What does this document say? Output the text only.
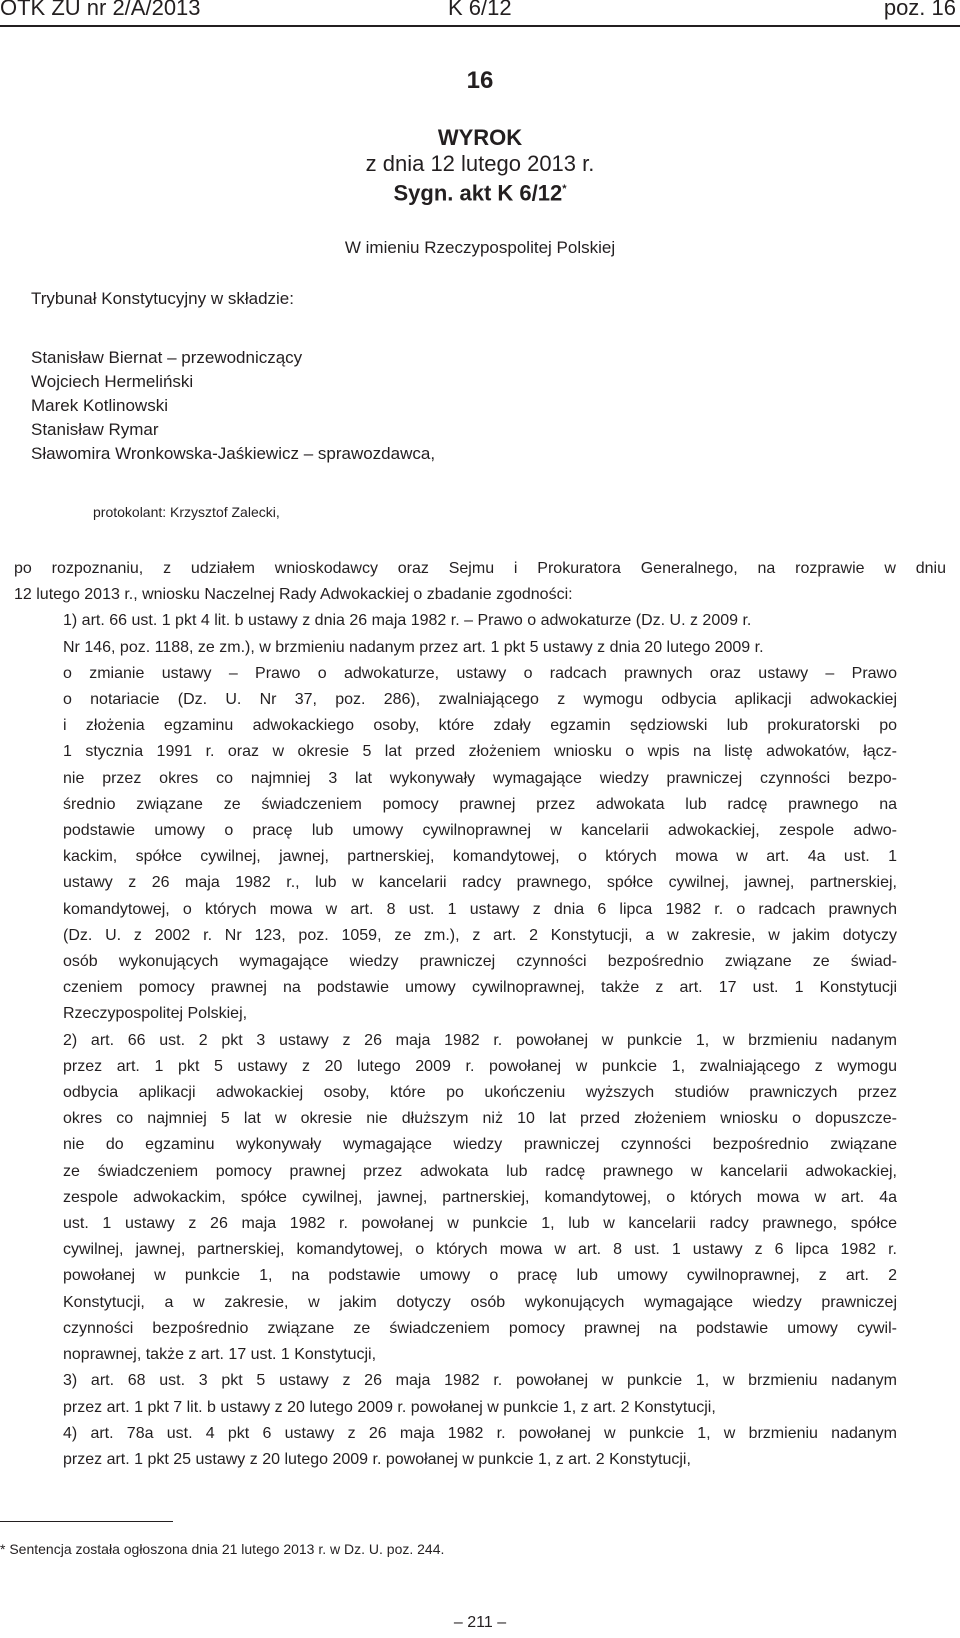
OTK ZU nr 2/A/2013	K 6/12	poz. 16
16
WYROK
z dnia 12 lutego 2013 r.
Sygn. akt K 6/12*
W imieniu Rzeczypospolitej Polskiej
Trybunał Konstytucyjny w składzie:
Stanisław Biernat – przewodniczący
Wojciech Hermeliński
Marek Kotlinowski
Stanisław Rymar
Sławomira Wronkowska-Jaśkiewicz – sprawozdawca,
protokolant: Krzysztof Zalecki,
po rozpoznaniu, z udziałem wnioskodawcy oraz Sejmu i Prokuratora Generalnego, na rozprawie w dniu
12 lutego 2013 r., wniosku Naczelnej Rady Adwokackiej o zbadanie zgodności:
1) art. 66 ust. 1 pkt 4 lit. b ustawy z dnia 26 maja 1982 r. – Prawo o adwokaturze (Dz. U. z 2009 r.
Nr 146, poz. 1188, ze zm.), w brzmieniu nadanym przez art. 1 pkt 5 ustawy z dnia 20 lutego 2009 r.
o zmianie ustawy – Prawo o adwokaturze, ustawy o radcach prawnych oraz ustawy – Prawo
o notariacie (Dz. U. Nr 37, poz. 286), zwalniającego z wymogu odbycia aplikacji adwokackiej
i złożenia egzaminu adwokackiego osoby, które zdały egzamin sędziowski lub prokuratorski po
1 stycznia 1991 r. oraz w okresie 5 lat przed złożeniem wniosku o wpis na listę adwokatów, łącz-
nie przez okres co najmniej 3 lat wykonywały wymagające wiedzy prawniczej czynności bezpo-
średnio związane ze świadczeniem pomocy prawnej przez adwokata lub radcę prawnego na
podstawie umowy o pracę lub umowy cywilnoprawnej w kancelarii adwokackiej, zespole adwo-
kackim, spółce cywilnej, jawnej, partnerskiej, komandytowej, o których mowa w art. 4a ust. 1
ustawy z 26 maja 1982 r., lub w kancelarii radcy prawnego, spółce cywilnej, jawnej, partnerskiej,
komandytowej, o których mowa w art. 8 ust. 1 ustawy z dnia 6 lipca 1982 r. o radcach prawnych
(Dz. U. z 2002 r. Nr 123, poz. 1059, ze zm.), z art. 2 Konstytucji, a w zakresie, w jakim dotyczy
osób wykonujących wymagające wiedzy prawniczej czynności bezpośrednio związane ze świad-
czeniem pomocy prawnej na podstawie umowy cywilnoprawnej, także z art. 17 ust. 1 Konstytucji
Rzeczypospolitej Polskiej,
2) art. 66 ust. 2 pkt 3 ustawy z 26 maja 1982 r. powołanej w punkcie 1, w brzmieniu nadanym
przez art. 1 pkt 5 ustawy z 20 lutego 2009 r. powołanej w punkcie 1, zwalniającego z wymogu
odbycia aplikacji adwokackiej osoby, które po ukończeniu wyższych studiów prawniczych przez
okres co najmniej 5 lat w okresie nie dłuższym niż 10 lat przed złożeniem wniosku o dopuszcze-
nie do egzaminu wykonywały wymagające wiedzy prawniczej czynności bezpośrednio związane
ze świadczeniem pomocy prawnej przez adwokata lub radcę prawnego w kancelarii adwokackiej,
zespole adwokackim, spółce cywilnej, jawnej, partnerskiej, komandytowej, o których mowa w art. 4a
ust. 1 ustawy z 26 maja 1982 r. powołanej w punkcie 1, lub w kancelarii radcy prawnego, spółce
cywilnej, jawnej, partnerskiej, komandytowej, o których mowa w art. 8 ust. 1 ustawy z 6 lipca 1982 r.
powołanej w punkcie 1, na podstawie umowy o pracę lub umowy cywilnoprawnej, z art. 2
Konstytucji, a w zakresie, w jakim dotyczy osób wykonujących wymagające wiedzy prawniczej
czynności bezpośrednio związane ze świadczeniem pomocy prawnej na podstawie umowy cywil-
noprawnej, także z art. 17 ust. 1 Konstytucji,
3) art. 68 ust. 3 pkt 5 ustawy z 26 maja 1982 r. powołanej w punkcie 1, w brzmieniu nadanym
przez art. 1 pkt 7 lit. b ustawy z 20 lutego 2009 r. powołanej w punkcie 1, z art. 2 Konstytucji,
4) art. 78a ust. 4 pkt 6 ustawy z 26 maja 1982 r. powołanej w punkcie 1, w brzmieniu nadanym
przez art. 1 pkt 25 ustawy z 20 lutego 2009 r. powołanej w punkcie 1, z art. 2 Konstytucji,
* Sentencja została ogłoszona dnia 21 lutego 2013 r. w Dz. U. poz. 244.
– 211 –
